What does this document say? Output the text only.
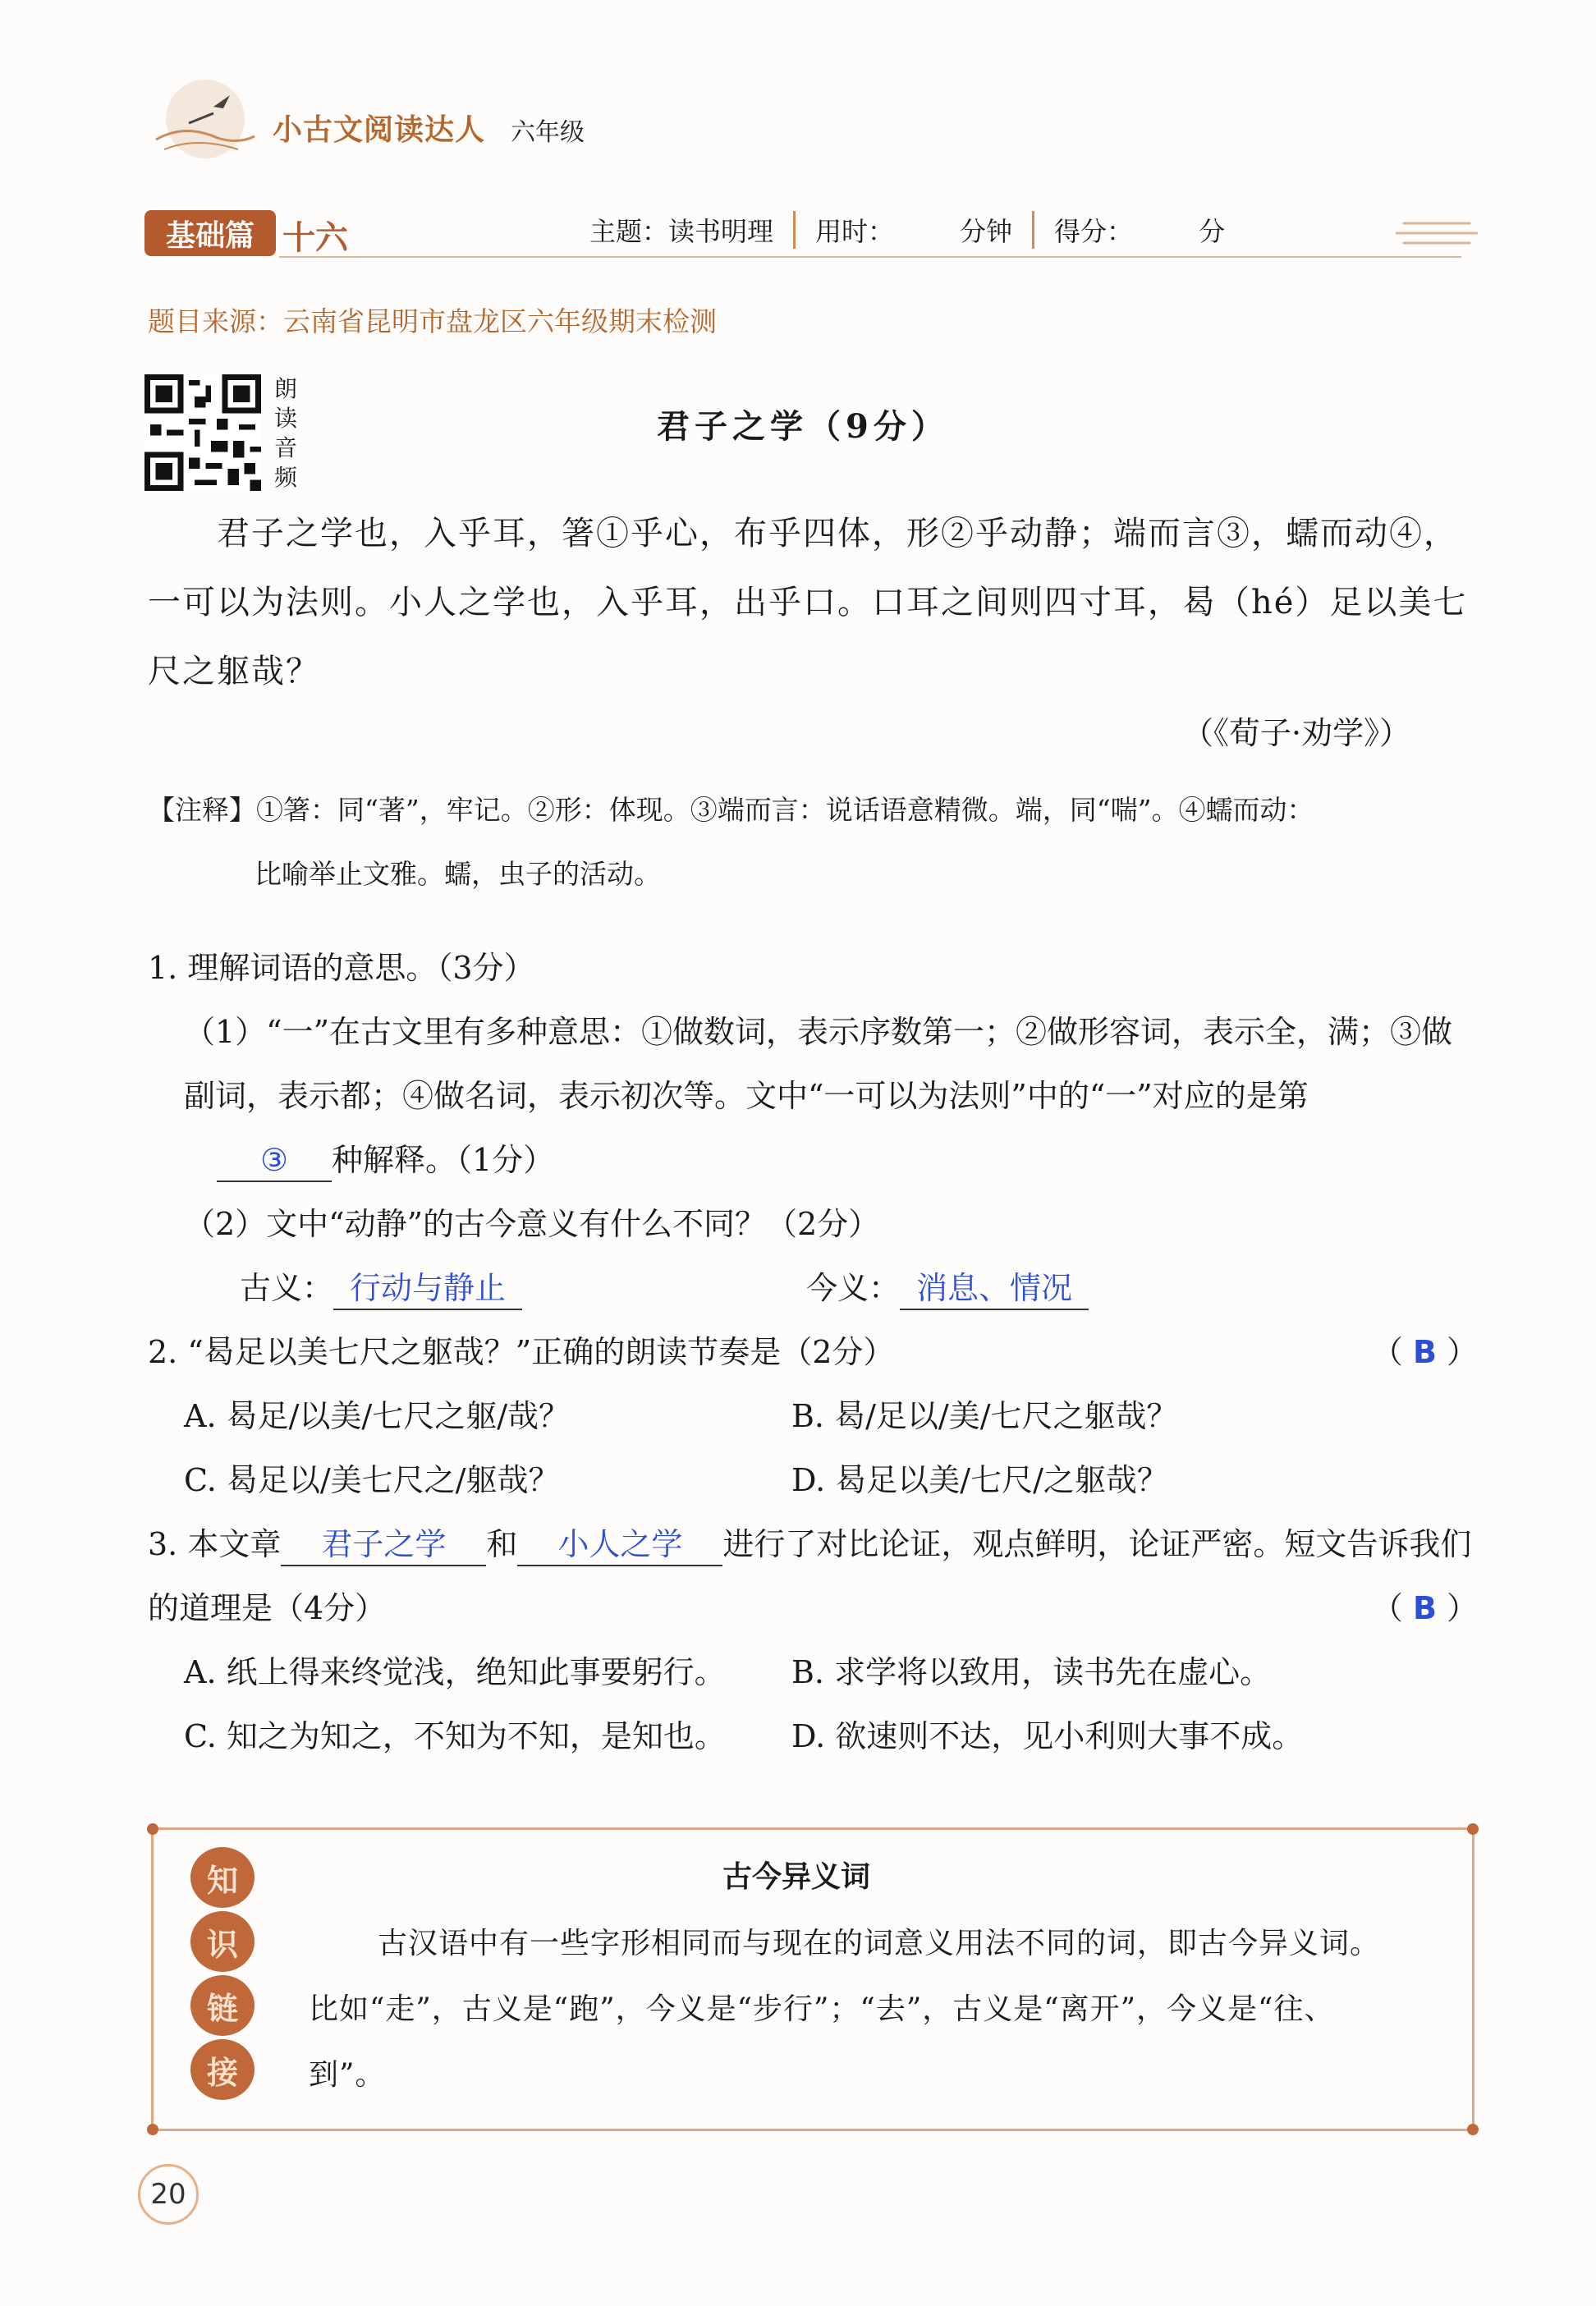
小古文阅读达人 六年级
基础篇 十六	主题：读书明理 用时：	分钟 得分：	分
题目来源：云南省昆明市盘龙区六年级期末检测
朗读音频
君子之学（9分）
君子之学也，入乎耳，箸①乎心，布乎四体，形②乎动静；端而言③，蠕而动④，一可以为法则。小人之学也，入乎耳，出乎口。口耳之间则四寸耳，曷（hé）足以美七尺之躯哉？
（《荀子·劝学》）
【注释】①箸：同“著”，牢记。②形：体现。③端而言：说话语意精微。端，同“喘”。④蠕而动：
比喻举止文雅。蠕，虫子的活动。
1. 理解词语的意思。（3分）
（1）“一”在古文里有多种意思：①做数词，表示序数第一；②做形容词，表示全，满；③做副词，表示都；④做名词，表示初次等。文中“一可以为法则”中的“一”对应的是第
③ 种解释。（1分）
（2）文中“动静”的古今意义有什么不同？（2分）
古义： 行动与静止	今义： 消息、情况
2. “曷足以美七尺之躯哉？”正确的朗读节奏是（2分）	（ B ）
A. 曷足/以美/七尺之躯/哉？	B. 曷/足以/美/七尺之躯哉？
C. 曷足以/美七尺之/躯哉？	D. 曷足以美/七尺/之躯哉？
3. 本文章 君子之学 和 小人之学 进行了对比论证，观点鲜明，论证严密。短文告诉我们的道理是（4分）	（ B ）
A. 纸上得来终觉浅，绝知此事要躬行。	B. 求学将以致用，读书先在虚心。
C. 知之为知之，不知为不知，是知也。	D. 欲速则不达，见小利则大事不成。
知
识
链
接
古今异义词
古汉语中有一些字形相同而与现在的词意义用法不同的词，即古今异义词。比如“走”，古义是“跑”，今义是“步行”；“去”，古义是“离开”，今义是“往、到”。
20
